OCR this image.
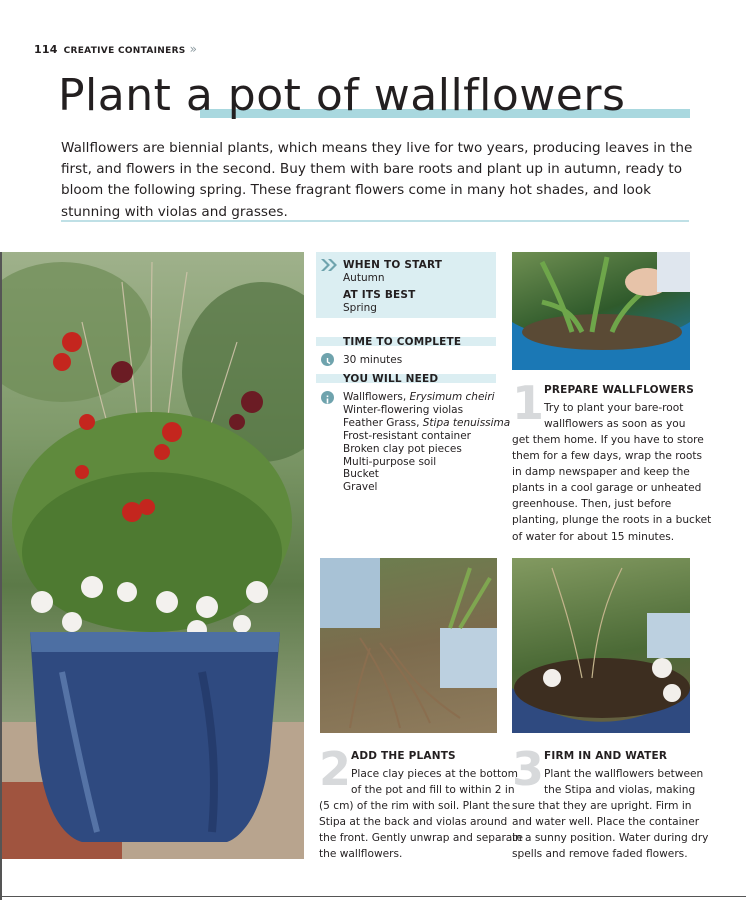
114 CREATIVE CONTAINERS »
Plant a pot of wallflowers

Wallflowers are biennial plants, which means they live for two years, producing leaves in the first, and flowers in the second. Buy them with bare roots and plant up in autumn, ready to bloom the following spring. These fragrant flowers come in many hot shades, and look stunning with violas and grasses.

WHEN TO START
Autumn
AT ITS BEST
Spring
TIME TO COMPLETE
30 minutes
YOU WILL NEED
Wallflowers, Erysimum cheiri
Winter-flowering violas
Feather Grass, Stipa tenuissima
Frost-resistant container
Broken clay pot pieces
Multi-purpose soil
Bucket
Gravel
1 PREPARE WALLFLOWERS
Try to plant your bare-root
wallflowers as soon as you
get them home. If you have to store
them for a few days, wrap the roots
in damp newspaper and keep the
plants in a cool garage or unheated
greenhouse. Then, just before
planting, plunge the roots in a bucket
of water for about 15 minutes.
2 ADD THE PLANTS
Place clay pieces at the bottom
of the pot and fill to within 2 in
(5 cm) of the rim with soil. Plant the
Stipa at the back and violas around
the front. Gently unwrap and separate
the wallflowers.
3 FIRM IN AND WATER
Plant the wallflowers between
the Stipa and violas, making
sure that they are upright. Firm in
and water well. Place the container
in a sunny position. Water during dry
spells and remove faded flowers.
